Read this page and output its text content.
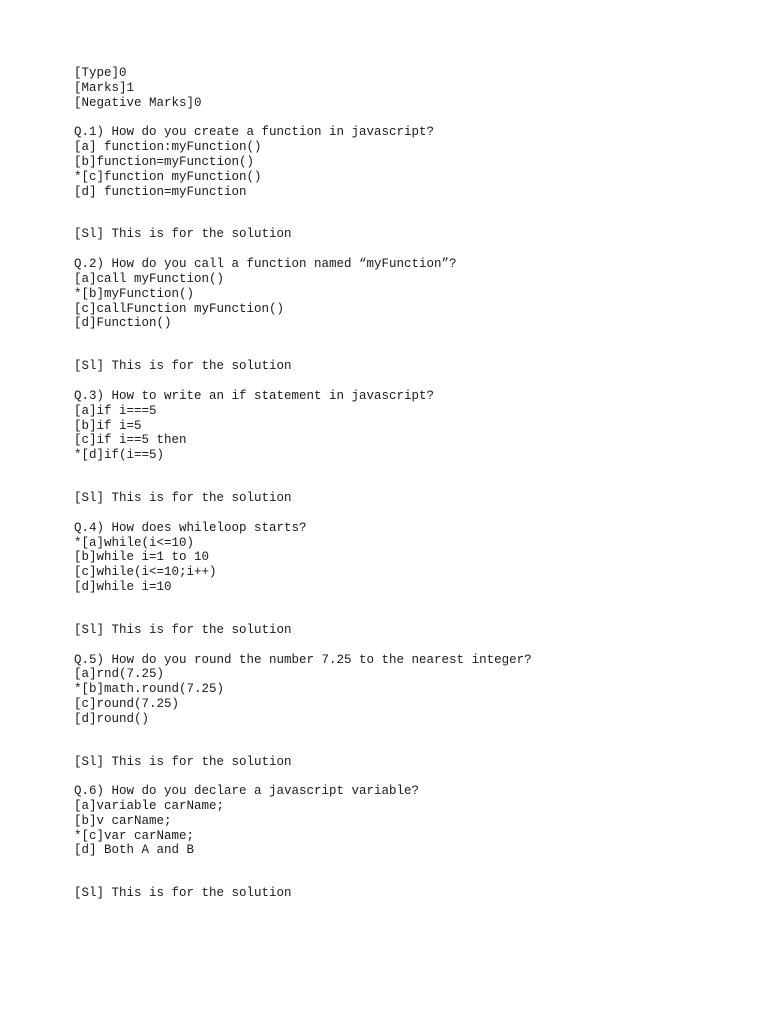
[Type]0
[Marks]1
[Negative Marks]0
Q.1) How do you create a function in javascript?
[a] function:myFunction()
[b]function=myFunction()
*[c]function myFunction()
[d] function=myFunction
[Sl] This is for the solution
Q.2) How do you call a function named “myFunction”?
[a]call myFunction()
*[b]myFunction()
[c]callFunction myFunction()
[d]Function()
[Sl] This is for the solution
Q.3) How to write an if statement in javascript?
[a]if i===5
[b]if i=5
[c]if i==5 then
*[d]if(i==5)
[Sl] This is for the solution
Q.4) How does whileloop starts?
*[a]while(i<=10)
[b]while i=1 to 10
[c]while(i<=10;i++)
[d]while i=10
[Sl] This is for the solution
Q.5) How do you round the number 7.25 to the nearest integer?
[a]rnd(7.25)
*[b]math.round(7.25)
[c]round(7.25)
[d]round()
[Sl] This is for the solution
Q.6) How do you declare a javascript variable?
[a]variable carName;
[b]v carName;
*[c]var carName;
[d] Both A and B
[Sl] This is for the solution
